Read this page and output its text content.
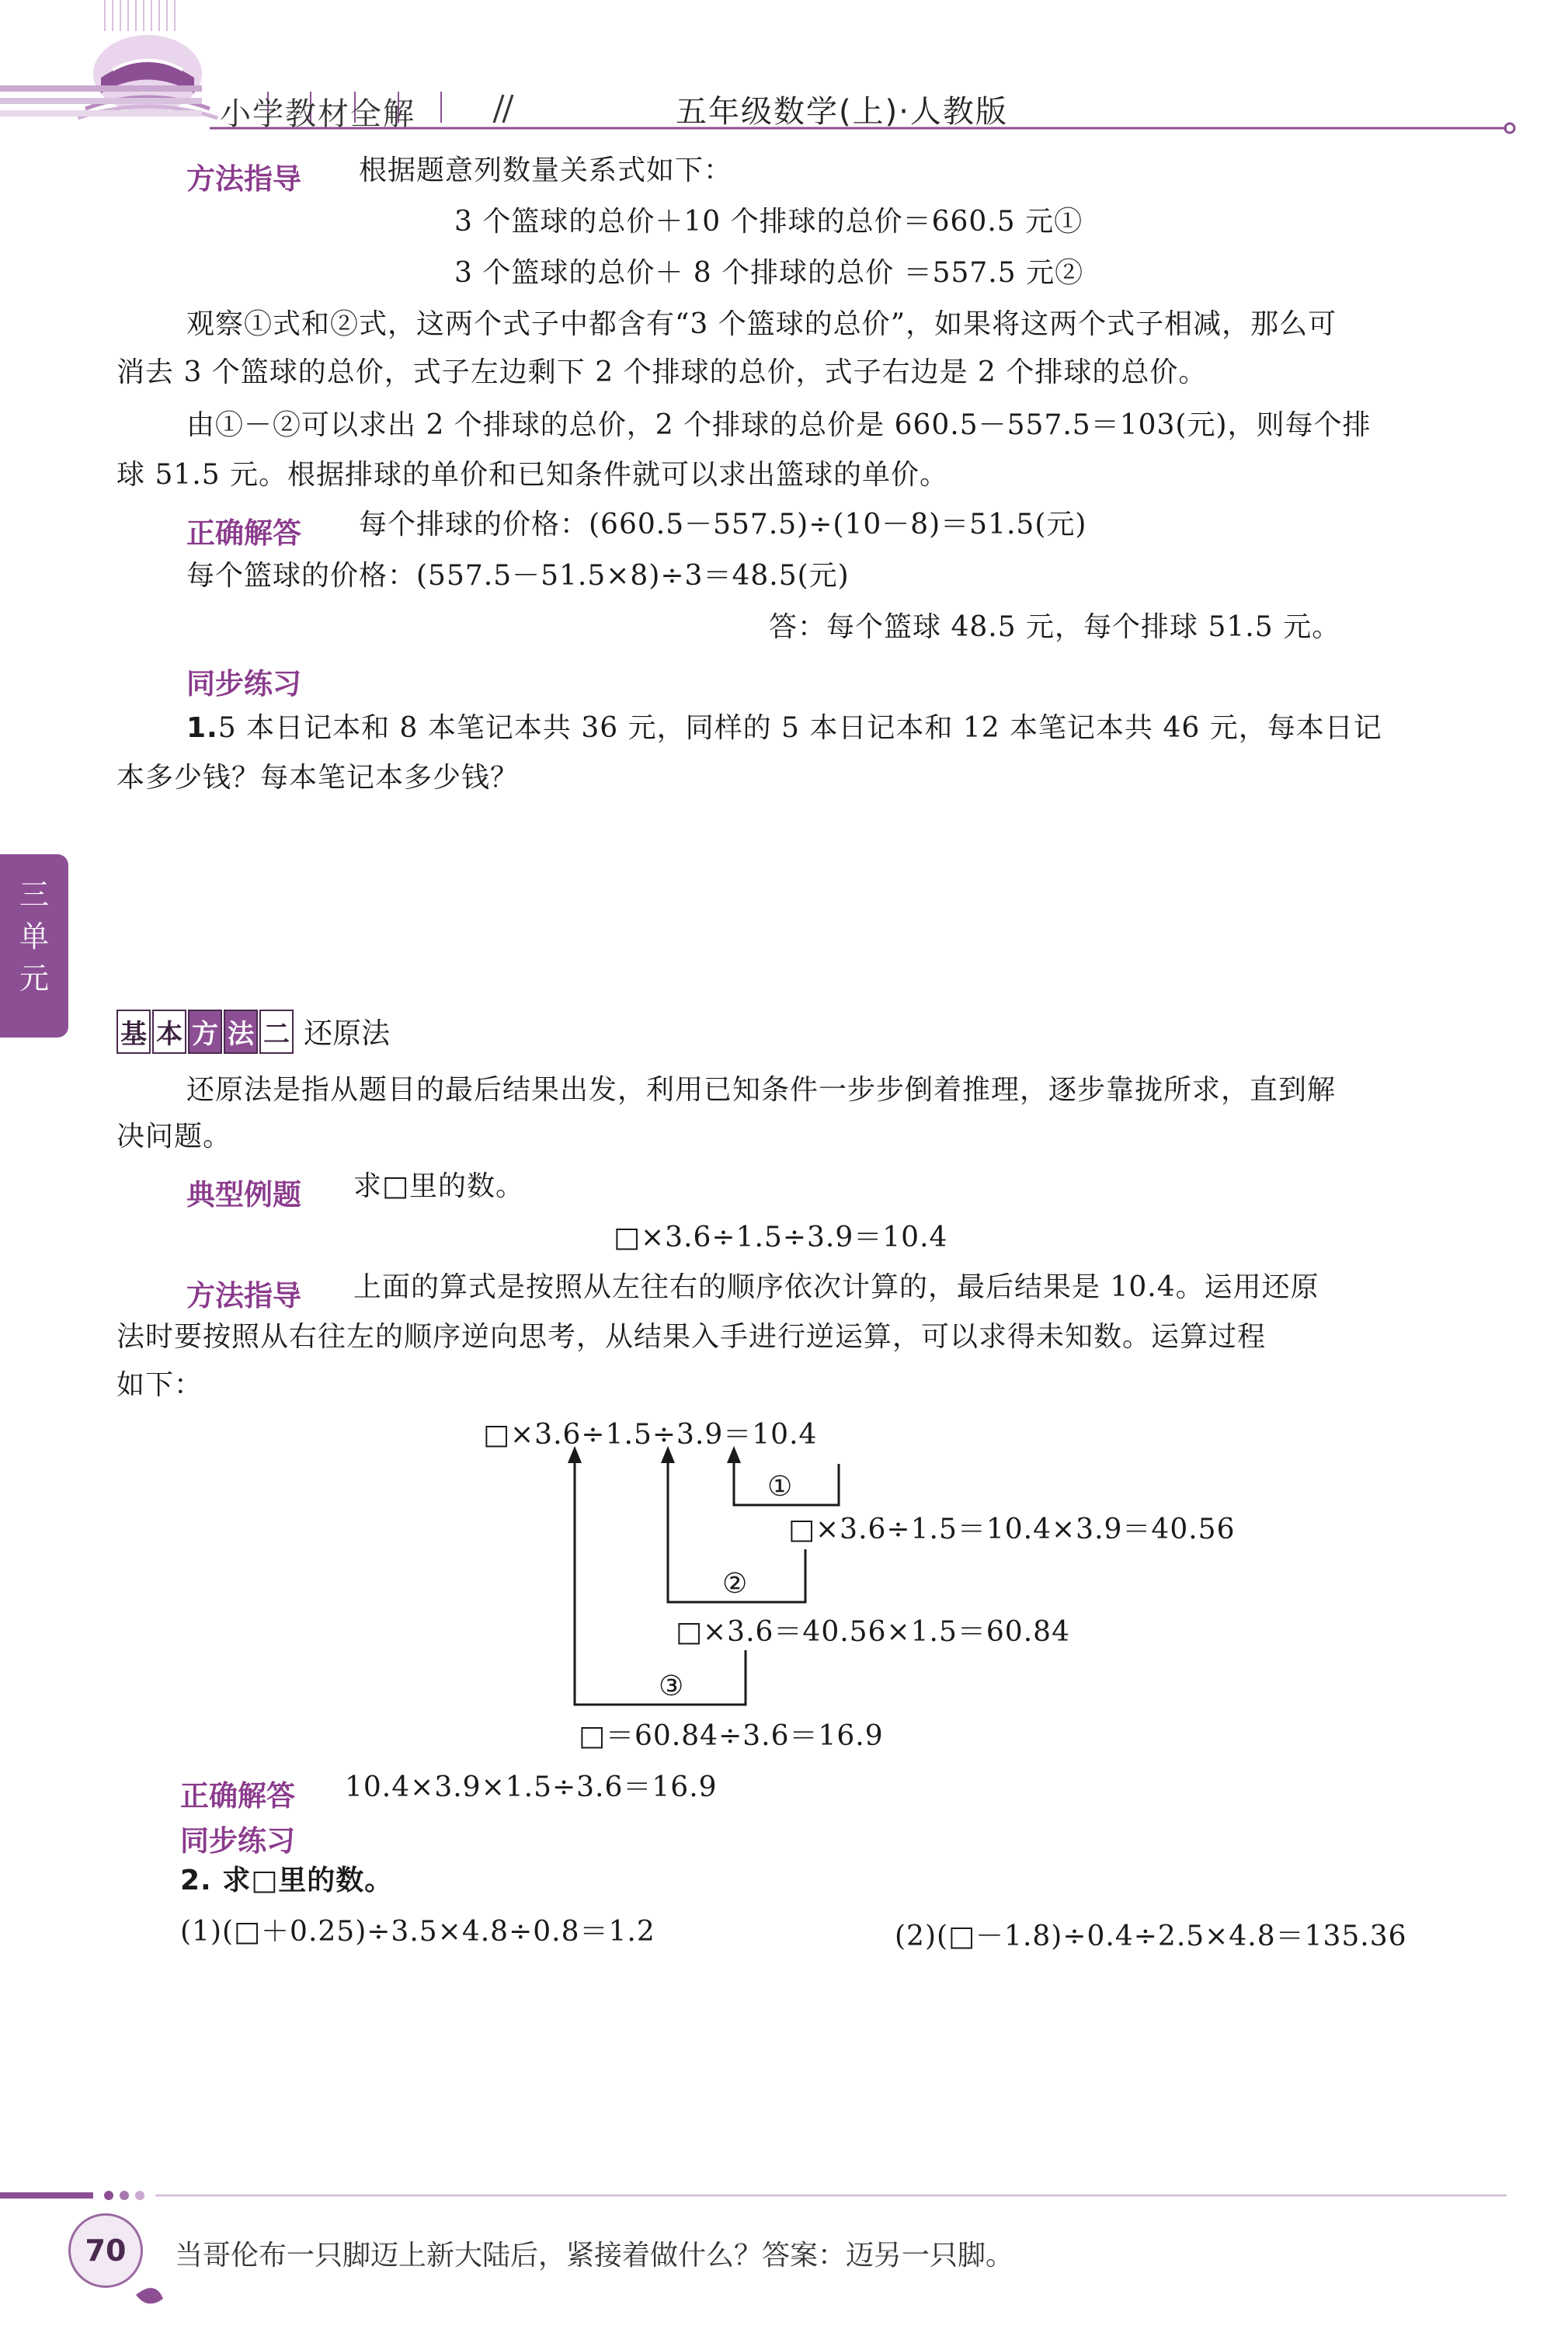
小学教材全解	五年级数学(上)·人教版
三
单
元
方法指导 根据题意列数量关系式如下：
3 个篮球的总价＋10 个排球的总价＝660.5 元①
3 个篮球的总价＋ 8 个排球的总价 ＝557.5 元②
观察①式和②式，这两个式子中都含有“3 个篮球的总价”，如果将这两个式子相减，那么可
消去 3 个篮球的总价，式子左边剩下 2 个排球的总价，式子右边是 2 个排球的总价。
由①－②可以求出 2 个排球的总价，2 个排球的总价是 660.5－557.5＝103(元)，则每个排
球 51.5 元。根据排球的单价和已知条件就可以求出篮球的单价。
正确解答 每个排球的价格：(660.5－557.5)÷(10－8)＝51.5(元)
每个篮球的价格：(557.5－51.5×8)÷3＝48.5(元)
答：每个篮球 48.5 元，每个排球 51.5 元。
同步练习
1.5 本日记本和 8 本笔记本共 36 元，同样的 5 本日记本和 12 本笔记本共 46 元，每本日记
本多少钱？每本笔记本多少钱？
基 本 方 法 二 还原法
还原法是指从题目的最后结果出发，利用已知条件一步步倒着推理，逐步靠拢所求，直到解
决问题。
典型例题 求□里的数。
□×3.6÷1.5÷3.9＝10.4
方法指导 上面的算式是按照从左往右的顺序依次计算的，最后结果是 10.4。运用还原
法时要按照从右往左的顺序逆向思考，从结果入手进行逆运算，可以求得未知数。运算过程
如下：
□×3.6÷1.5÷3.9＝10.4
①
□×3.6÷1.5＝10.4×3.9＝40.56
②
□×3.6＝40.56×1.5＝60.84
③
□＝60.84÷3.6＝16.9
正确解答 10.4×3.9×1.5÷3.6＝16.9
同步练习
2. 求□里的数。
(1)(□＋0.25)÷3.5×4.8÷0.8＝1.2	(2)(□－1.8)÷0.4÷2.5×4.8＝135.36
70	当哥伦布一只脚迈上新大陆后，紧接着做什么？答案：迈另一只脚。
